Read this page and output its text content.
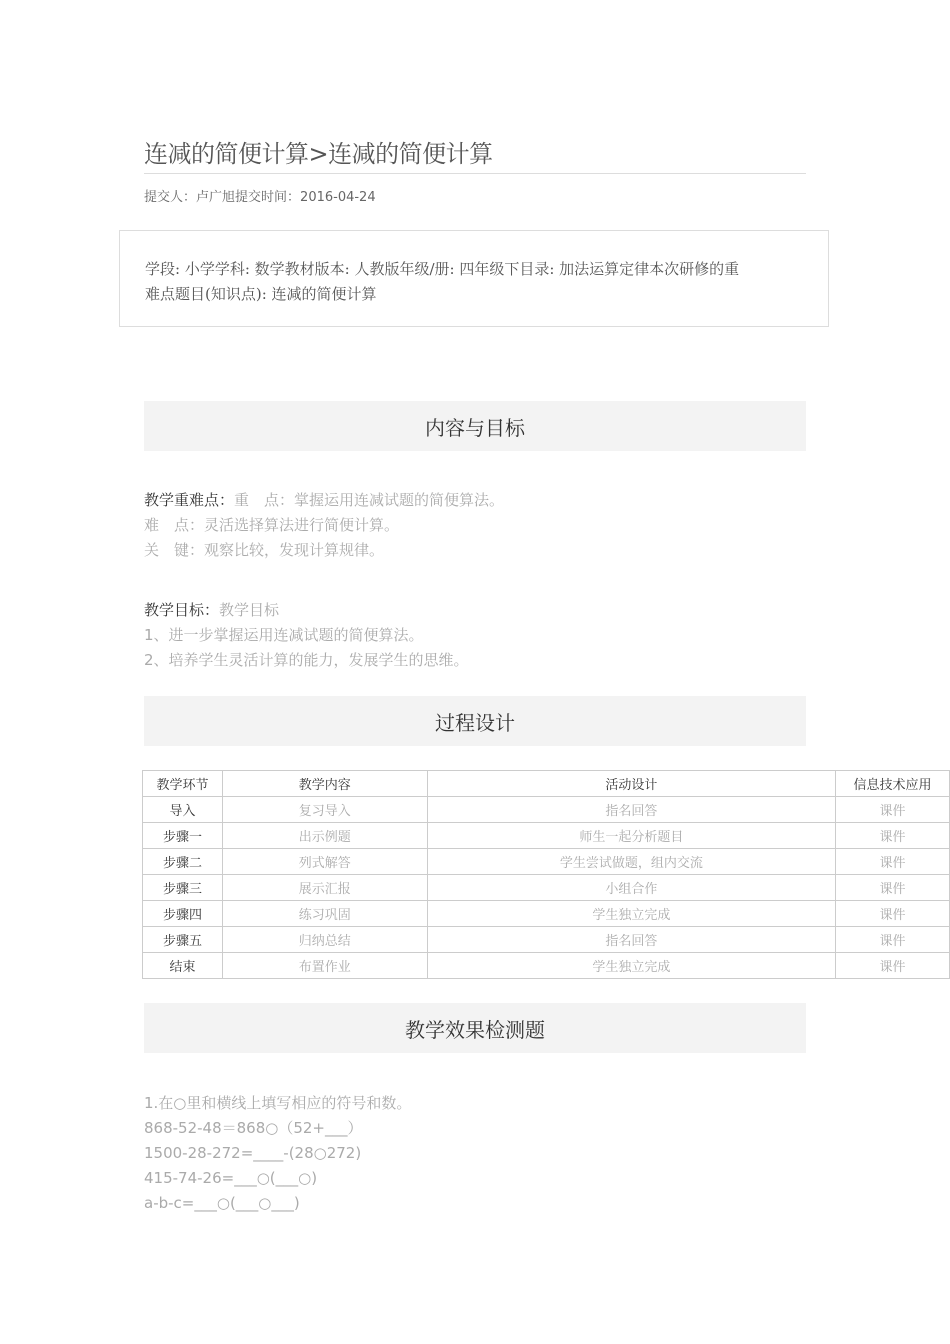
连减的简便计算>连减的简便计算
提交人：卢广旭提交时间：2016-04-24
学段: 小学学科: 数学教材版本: 人教版年级/册: 四年级下目录: 加法运算定律本次研修的重
难点题目(知识点): 连减的简便计算
内容与目标
教学重难点：重　点：掌握运用连减试题的简便算法。
难　点：灵活选择算法进行简便计算。
关　键：观察比较，发现计算规律。
教学目标：教学目标
1、进一步掌握运用连减试题的简便算法。
2、培养学生灵活计算的能力，发展学生的思维。
过程设计
教学环节	教学内容	活动设计	信息技术应用
导入	复习导入	指名回答	课件
步骤一	出示例题	师生一起分析题目	课件
步骤二	列式解答	学生尝试做题，组内交流	课件
步骤三	展示汇报	小组合作	课件
步骤四	练习巩固	学生独立完成	课件
步骤五	归纳总结	指名回答	课件
结束	布置作业	学生独立完成	课件
教学效果检测题
1.在○里和横线上填写相应的符号和数。
868-52-48＝868○（52+___）
1500-28-272=____-(28○272)
415-74-26=___○(___○)
a-b-c=___○(___○___)
